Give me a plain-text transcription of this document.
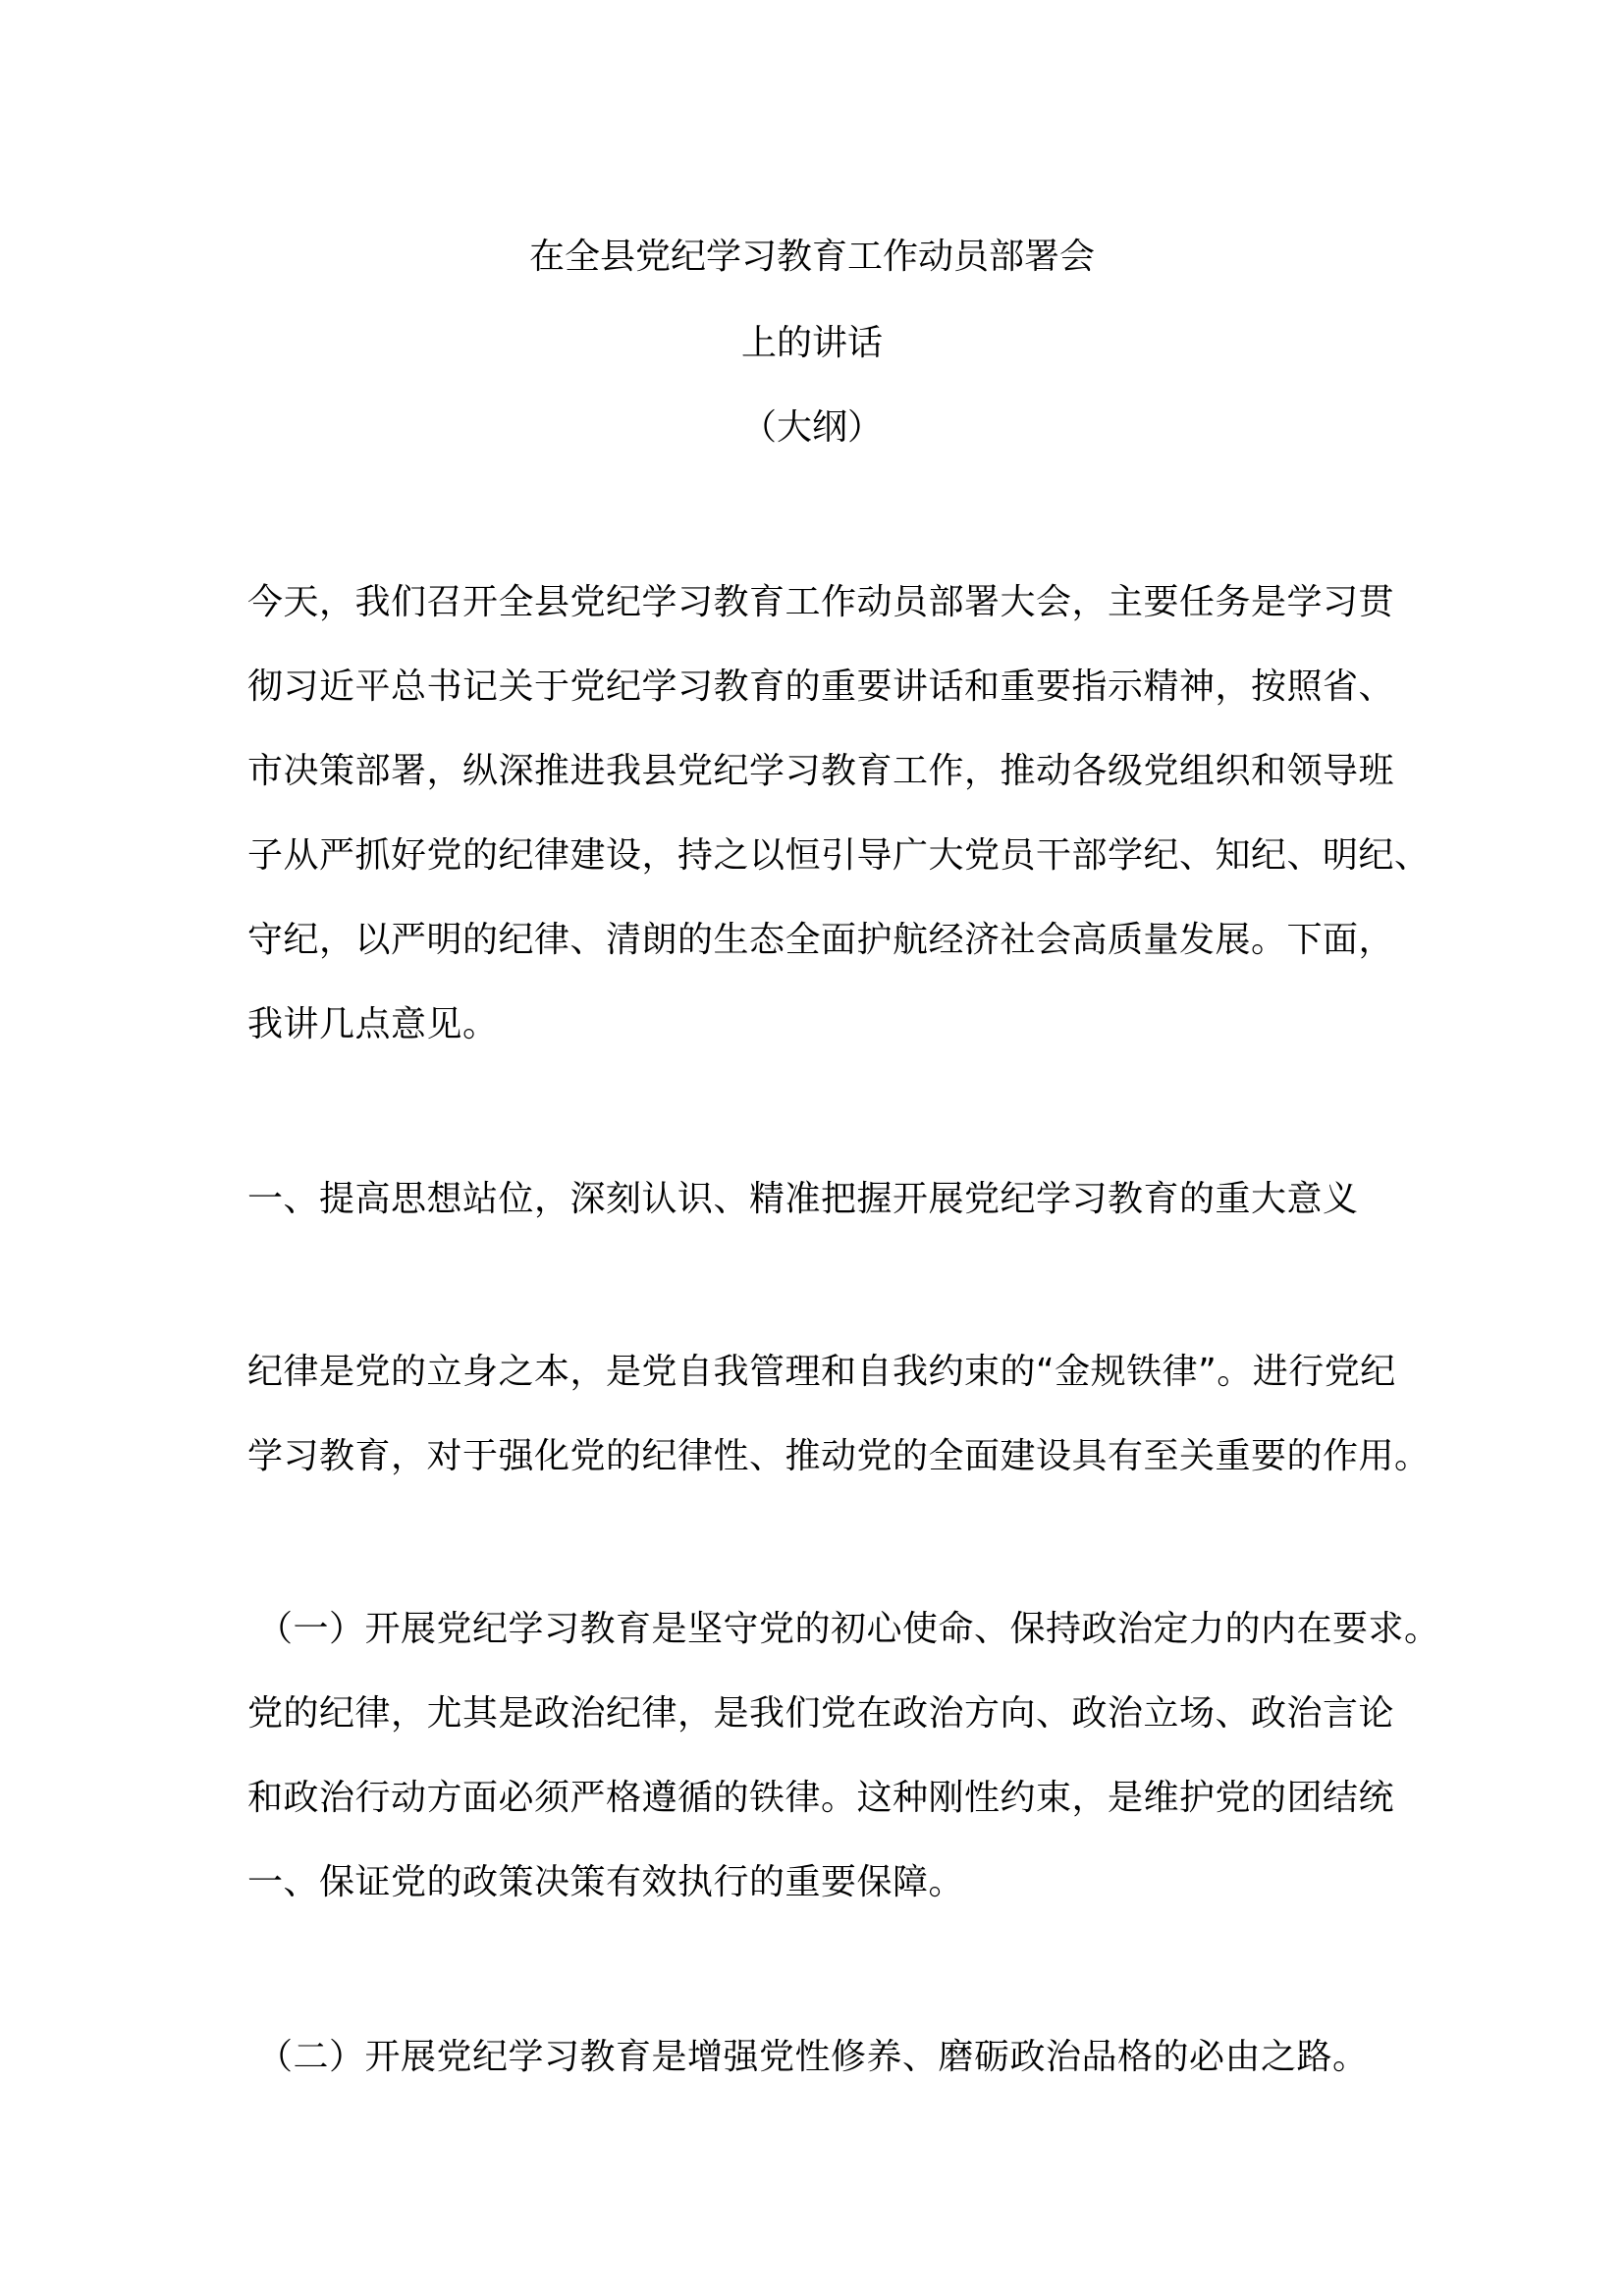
在全县党纪学习教育工作动员部署会
上的讲话
（大纲）
今天，我们召开全县党纪学习教育工作动员部署大会，主要任务是学习贯
彻习近平总书记关于党纪学习教育的重要讲话和重要指示精神，按照省、
市决策部署，纵深推进我县党纪学习教育工作，推动各级党组织和领导班
子从严抓好党的纪律建设，持之以恒引导广大党员干部学纪、知纪、明纪、
守纪，以严明的纪律、清朗的生态全面护航经济社会高质量发展。下面，
我讲几点意见。
一、提高思想站位，深刻认识、精准把握开展党纪学习教育的重大意义
纪律是党的立身之本，是党自我管理和自我约束的“金规铁律”。进行党纪
学习教育，对于强化党的纪律性、推动党的全面建设具有至关重要的作用。
（一）开展党纪学习教育是坚守党的初心使命、保持政治定力的内在要求。
党的纪律，尤其是政治纪律，是我们党在政治方向、政治立场、政治言论
和政治行动方面必须严格遵循的铁律。这种刚性约束，是维护党的团结统
一、保证党的政策决策有效执行的重要保障。
（二）开展党纪学习教育是增强党性修养、磨砺政治品格的必由之路。
